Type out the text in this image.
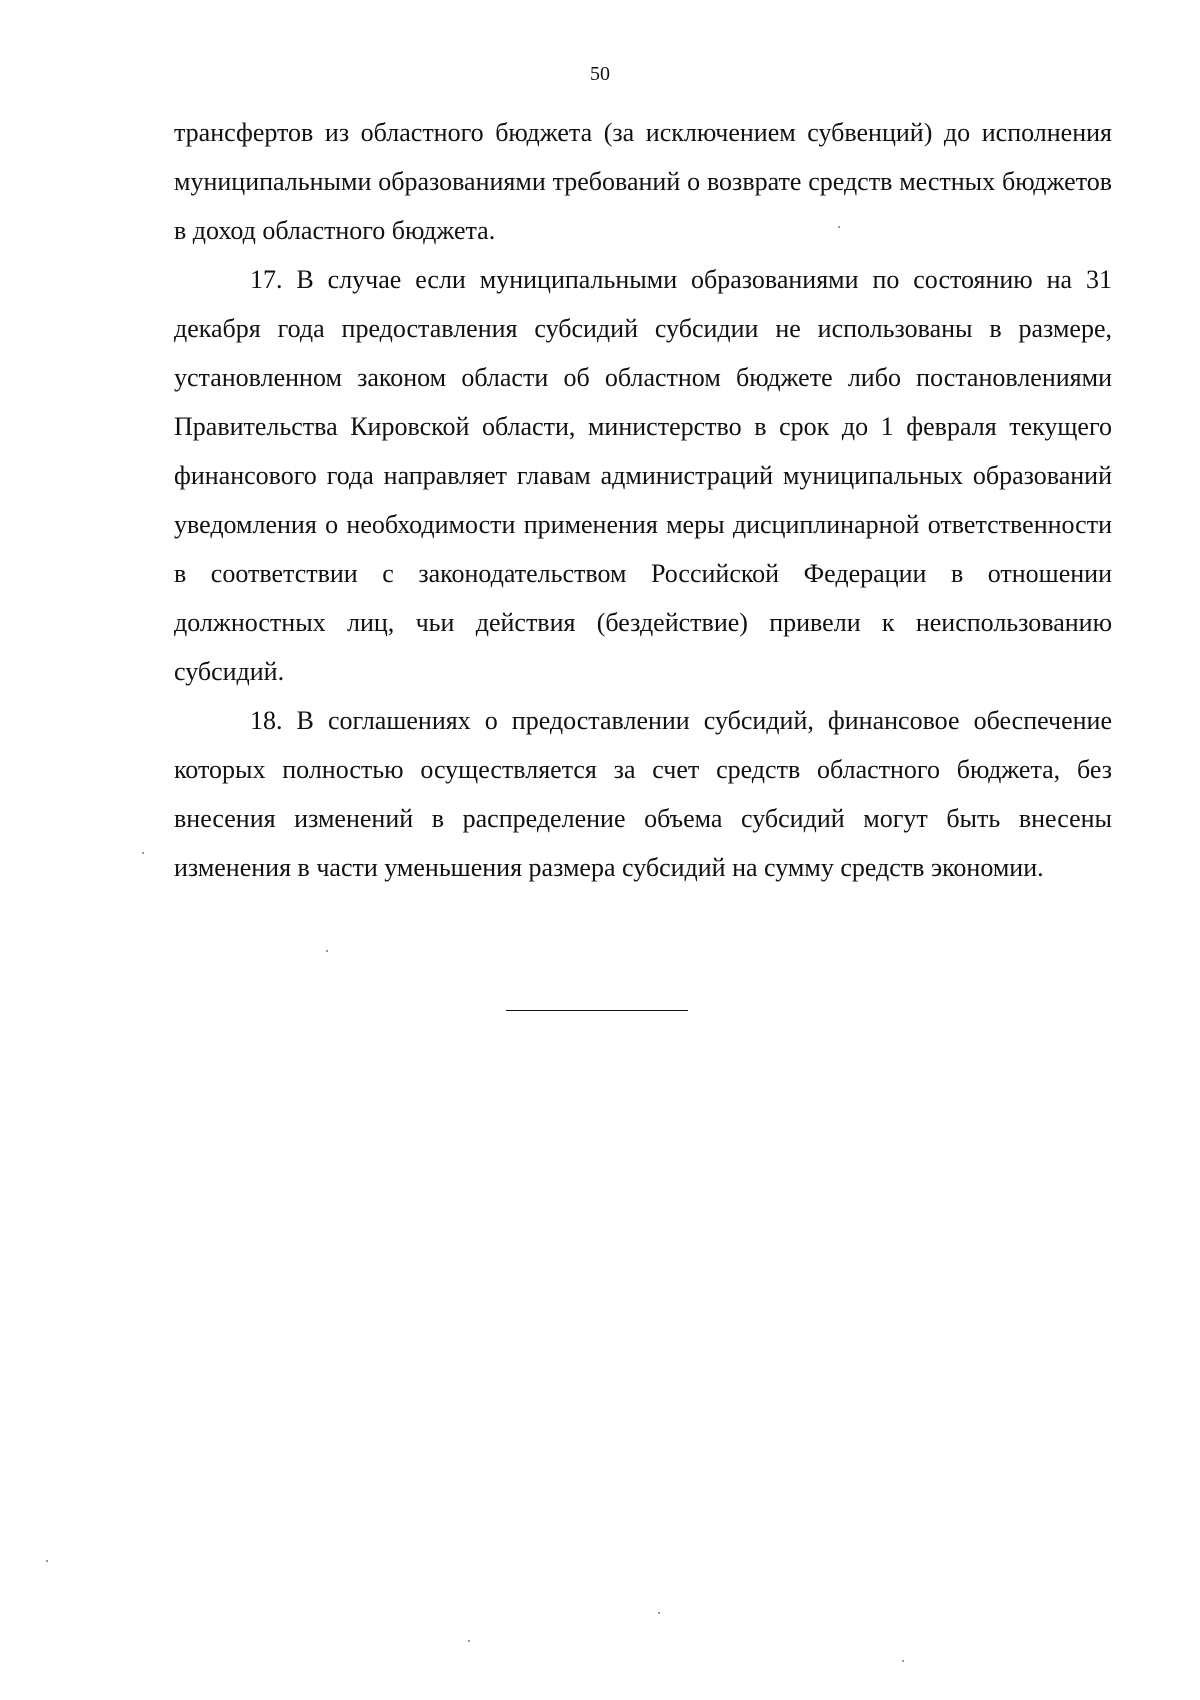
50

трансфертов из областного бюджета (за исключением субвенций) до исполнения муниципальными образованиями требований о возврате средств местных бюджетов в доход областного бюджета.

17. В случае если муниципальными образованиями по состоянию на 31 декабря года предоставления субсидий субсидии не использованы в размере, установленном законом области об областном бюджете либо постановлениями Правительства Кировской области, министерство в срок до 1 февраля текущего финансового года направляет главам администраций муниципальных образований уведомления о необходимости применения меры дисциплинарной ответственности в соответствии с законодательством Российской Федерации в отношении должностных лиц, чьи действия (бездействие) привели к неиспользованию субсидий.

18. В соглашениях о предоставлении субсидий, финансовое обеспечение которых полностью осуществляется за счет средств областного бюджета, без внесения изменений в распределение объема субсидий могут быть внесены изменения в части уменьшения размера субсидий на сумму средств экономии.
